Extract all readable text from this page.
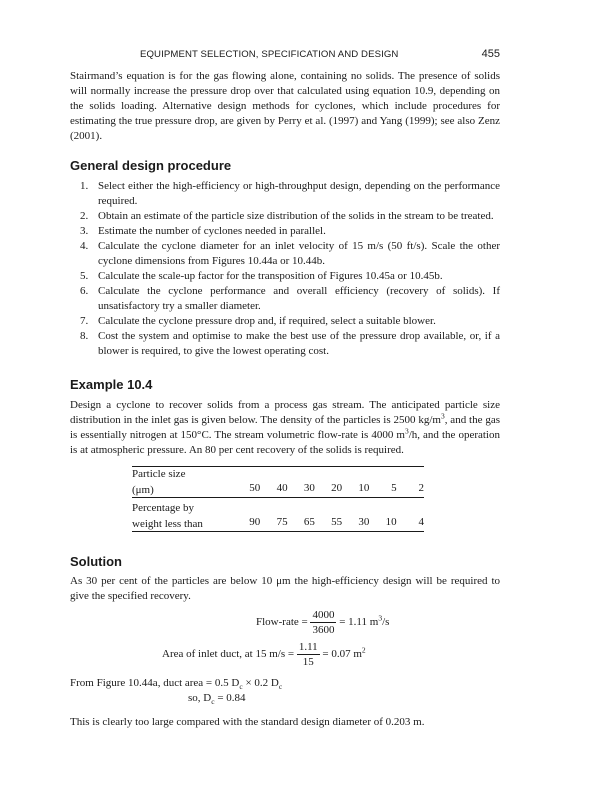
EQUIPMENT SELECTION, SPECIFICATION AND DESIGN	455

Stairmand’s equation is for the gas flowing alone, containing no solids. The presence of solids will normally increase the pressure drop over that calculated using equation 10.9, depending on the solids loading. Alternative design methods for cyclones, which include procedures for estimating the true pressure drop, are given by Perry et al. (1997) and Yang (1999); see also Zenz (2001).

General design procedure
1. Select either the high-efficiency or high-throughput design, depending on the performance required.
2. Obtain an estimate of the particle size distribution of the solids in the stream to be treated.
3. Estimate the number of cyclones needed in parallel.
4. Calculate the cyclone diameter for an inlet velocity of 15 m/s (50 ft/s). Scale the other cyclone dimensions from Figures 10.44a or 10.44b.
5. Calculate the scale-up factor for the transposition of Figures 10.45a or 10.45b.
6. Calculate the cyclone performance and overall efficiency (recovery of solids). If unsatisfactory try a smaller diameter.
7. Calculate the cyclone pressure drop and, if required, select a suitable blower.
8. Cost the system and optimise to make the best use of the pressure drop available, or, if a blower is required, to give the lowest operating cost.
Example 10.4

Design a cyclone to recover solids from a process gas stream. The anticipated particle size distribution in the inlet gas is given below. The density of the particles is 2500 $kg/m^3$, and the gas is essentially nitrogen at 150°C. The stream volumetric flow-rate is 4000 $m^3/h$, and the operation is at atmospheric pressure. An 80 per cent recovery of the solids is required.

Particle size							
(μm)	50	40	30	20	10	5	2

Percentage by							
weight less than	90	75	65	55	30	10	4

Solution

As 30 per cent of the particles are below 10 μm the high-efficiency design will be required to give the specified recovery.

Flow-rate = $\frac{4000}{3600} = 1.11$ $m^3/s$
Area of inlet duct, at 15 $m/s = \frac{1.11}{15} = 0.07$ $m^2$

From Figure 10.44a, duct area = 0.5 $D_c \times 0.2$ $D_c$

so, $D_c = 0.84$

This is clearly too large compared with the standard design diameter of 0.203 m.
